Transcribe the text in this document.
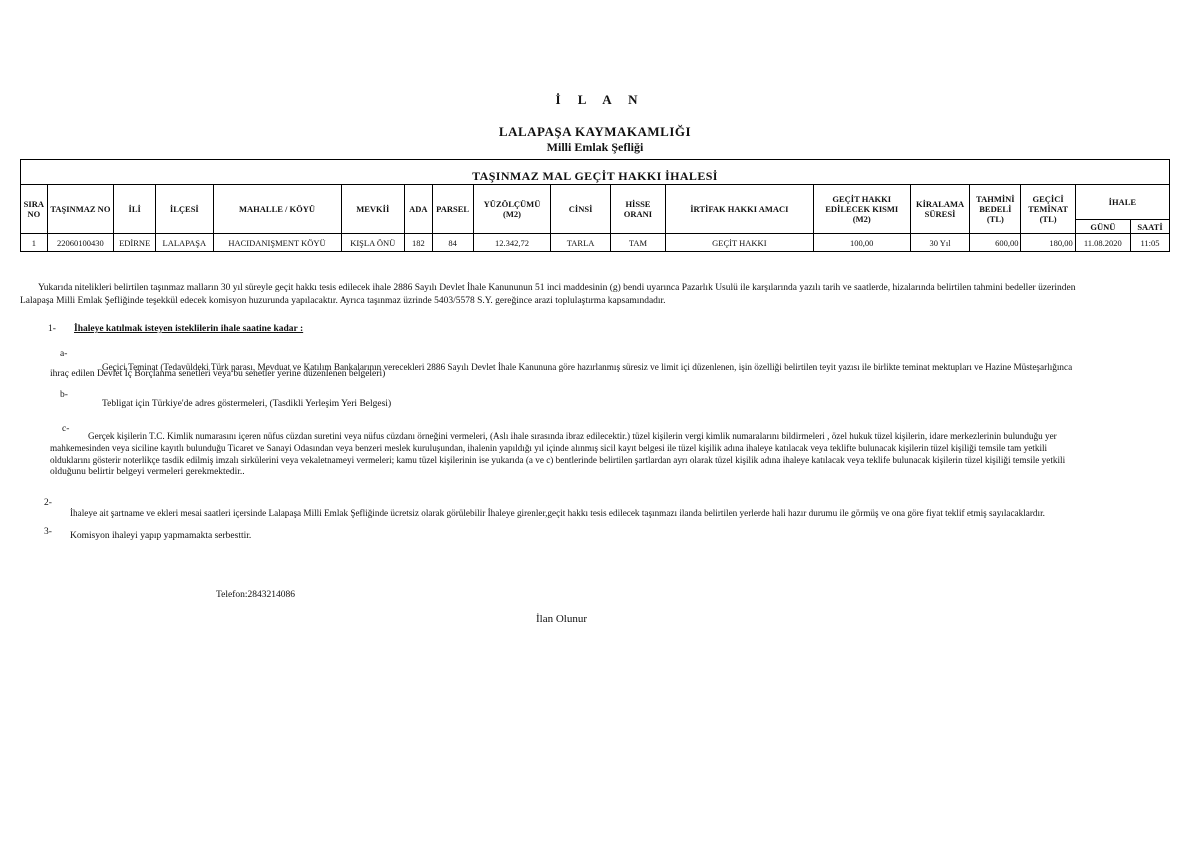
İ L A N
LALAPAŞA KAYMAKAMLIĞI
Milli Emlak Şefliği
TAŞINMAZ MAL GEÇİT HAKKI İHALESİ
SIRA NO	TAŞINMAZ NO	İLİ	İLÇESİ	MAHALLE / KÖYÜ	MEVKİİ	ADA	PARSEL	YÜZÖLÇÜMÜ (M2)	CİNSİ	HİSSE ORANI	İRTİFAK HAKKI AMACI	GEÇİT HAKKI EDİLECEK KISMI (M2)	KİRALAMA SÜRESİ	TAHMİNİ BEDELİ (TL)	GEÇİCİ TEMİNAT (TL)	İHALE	
																GÜNÜ	SAATİ
1	22060100430	EDİRNE	LALAPAŞA	HACIDANIŞMENT KÖYÜ	KIŞLA ÖNÜ	182	84	12.342,72	TARLA	TAM	GEÇİT HAKKI	100,00	30 Yıl	600,00	180,00	11.08.2020	11:05
Yukarıda nitelikleri belirtilen taşınmaz malların 30 yıl süreyle geçit hakkı tesis edilecek ihale 2886 Sayılı Devlet İhale Kanununun 51 inci maddesinin (g) bendi uyarınca Pazarlık Usulü ile karşılarında yazılı tarih ve saatlerde, hizalarında belirtilen tahmini bedeller üzerinden
Lalapaşa Milli Emlak Şefliğinde teşekkül edecek komisyon huzurunda yapılacaktır. Ayrıca taşınmaz üzrinde 5403/5578 S.Y. gereğince arazi toplulaştırma kapsamındadır.
1- İhaleye katılmak isteyen isteklilerin ihale saatine kadar :
a-
Geçici Teminat (Tedavüldeki Türk parası, Mevduat ve Katılım Bankalarının verecekleri 2886 Sayılı Devlet İhale Kanununa göre hazırlanmış süresiz ve limit içi düzenlenen, işin özelliği belirtilen teyit yazısı ile birlikte teminat mektupları ve Hazine Müsteşarlığınca
ihraç edilen Devlet İç Borçlanma senetleri veya bu senetler yerine düzenlenen belgeleri)
b-
Tebligat için Türkiye'de adres göstermeleri, (Tasdikli Yerleşim Yeri Belgesi)
c-
Gerçek kişilerin T.C. Kimlik numarasını içeren nüfus cüzdan suretini veya nüfus cüzdanı örneğini vermeleri, (Aslı ihale sırasında ibraz edilecektir.) tüzel kişilerin vergi kimlik numaralarını bildirmeleri , özel hukuk tüzel kişilerin, idare merkezlerinin bulunduğu yer
mahkemesinden veya siciline kayıtlı bulunduğu Ticaret ve Sanayi Odasından veya benzeri meslek kuruluşundan, ihalenin yapıldığı yıl içinde alınmış sicil kayıt belgesi ile tüzel kişilik adına ihaleye katılacak veya teklifte bulunacak kişilerin tüzel kişiliği temsile tam yetkili
olduklarını gösterir noterlikçe tasdik edilmiş imzalı sirkülerini veya vekaletnameyi vermeleri; kamu tüzel kişilerinin ise yukarıda (a ve c) bentlerinde belirtilen şartlardan ayrı olarak tüzel kişilik adına ihaleye katılacak veya teklife bulunacak kişilerin tüzel kişiliği temsile yetkili
olduğunu belirtir belgeyi vermeleri gerekmektedir..
2-
İhaleye ait şartname ve ekleri mesai saatleri içersinde Lalapaşa Milli Emlak Şefliğinde ücretsiz olarak görülebilir İhaleye girenler,geçit hakkı tesis edilecek taşınmazı ilanda belirtilen yerlerde hali hazır durumu ile görmüş ve ona göre fiyat teklif etmiş sayılacaklardır.
3- Komisyon ihaleyi yapıp yapmamakta serbesttir.
Telefon:2843214086
İlan Olunur
